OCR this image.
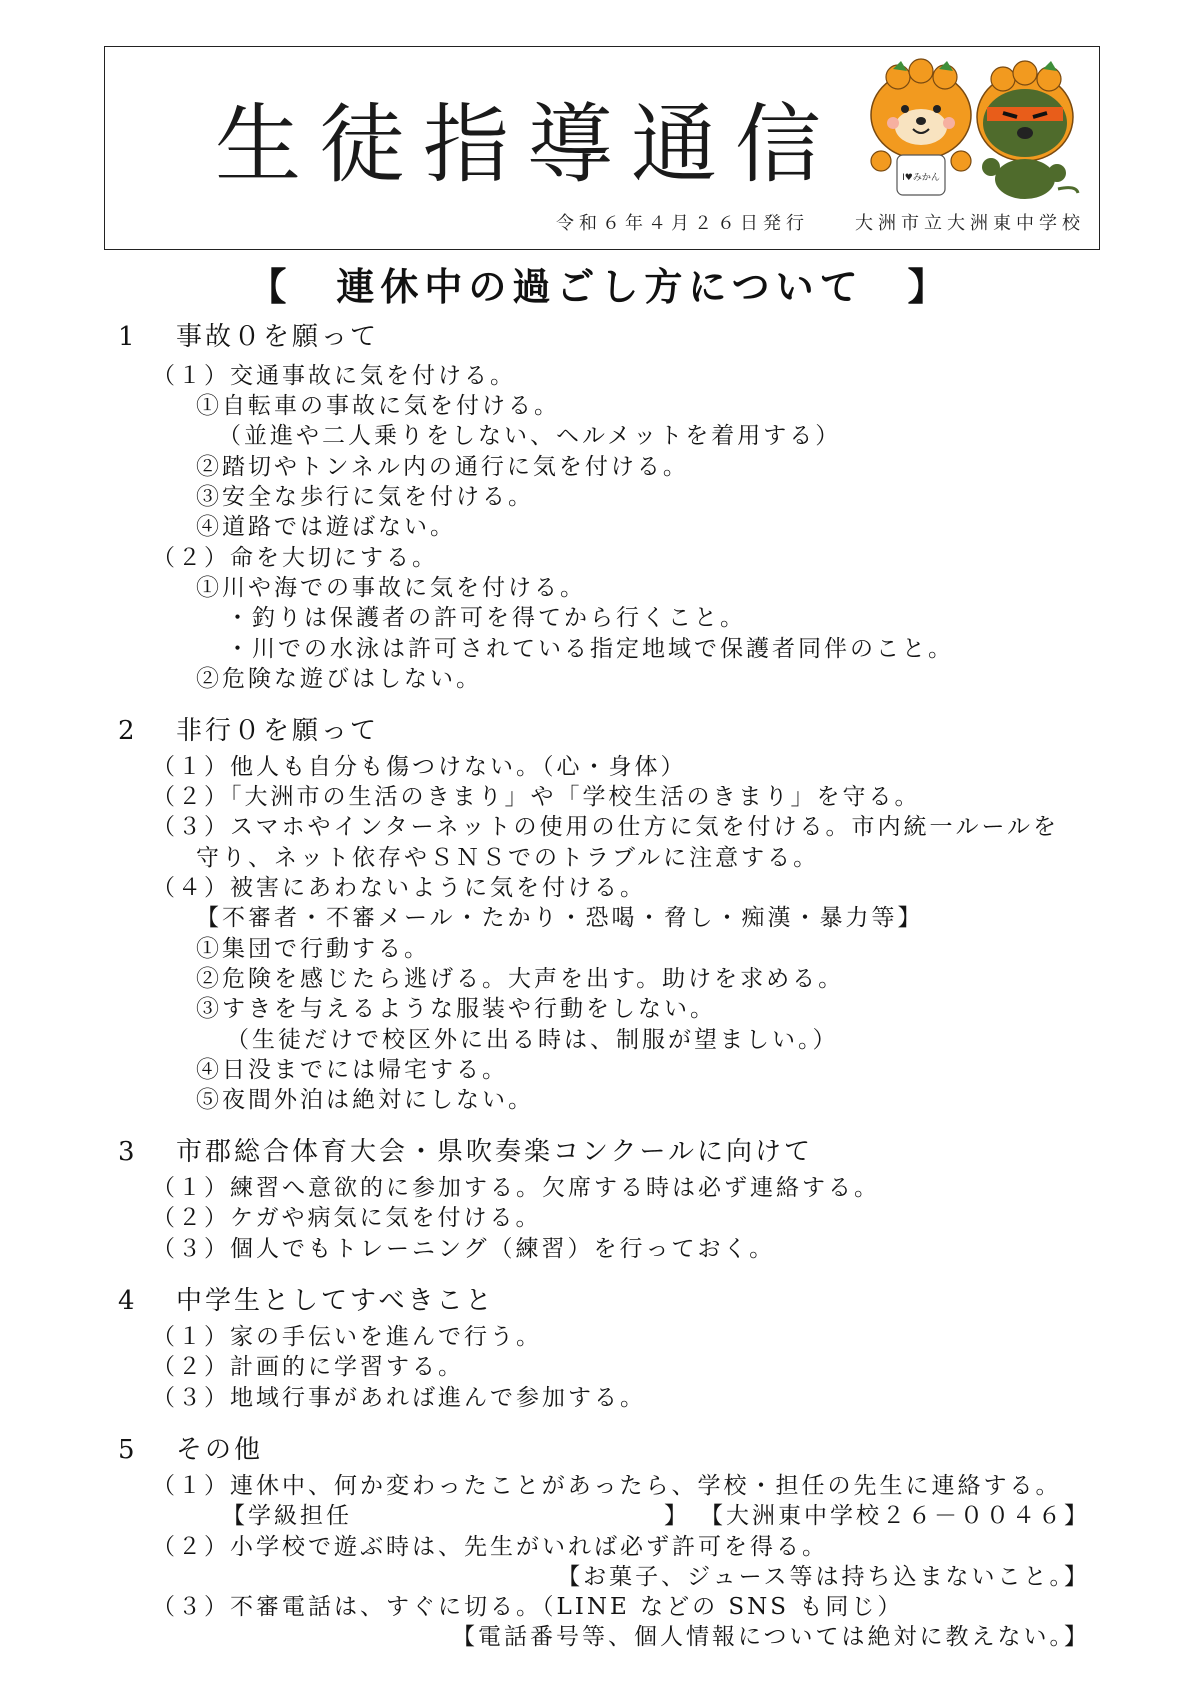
生徒指導通信	I♥みかん
令和６年４月２６日発行　　	大洲市立大洲東中学校
【　連休中の過ごし方について　】
1 事故０を願って
（１）交通事故に気を付ける。
①自転車の事故に気を付ける。
（並進や二人乗りをしない、ヘルメットを着用する）
②踏切やトンネル内の通行に気を付ける。
③安全な歩行に気を付ける。
④道路では遊ばない。
（２）命を大切にする。
①川や海での事故に気を付ける。
・釣りは保護者の許可を得てから行くこと。
・川での水泳は許可されている指定地域で保護者同伴のこと。
②危険な遊びはしない。
2 非行０を願って
（１）他人も自分も傷つけない。（心・身体）
（２）「大洲市の生活のきまり」や「学校生活のきまり」を守る。
（３）スマホやインターネットの使用の仕方に気を付ける。市内統一ルールを
守り、ネット依存やＳＮＳでのトラブルに注意する。
（４）被害にあわないように気を付ける。
【不審者・不審メール・たかり・恐喝・脅し・痴漢・暴力等】
①集団で行動する。
②危険を感じたら逃げる。大声を出す。助けを求める。
③すきを与えるような服装や行動をしない。
（生徒だけで校区外に出る時は、制服が望ましい。）
④日没までには帰宅する。
⑤夜間外泊は絶対にしない。
3 市郡総合体育大会・県吹奏楽コンクールに向けて
（１）練習へ意欲的に参加する。欠席する時は必ず連絡する。
（２）ケガや病気に気を付ける。
（３）個人でもトレーニング（練習）を行っておく。
4 中学生としてすべきこと
（１）家の手伝いを進んで行う。
（２）計画的に学習する。
（３）地域行事があれば進んで参加する。
5 その他
（１）連休中、何か変わったことがあったら、学校・担任の先生に連絡する。
【学級担任　　　　　　　　　　　　】 【大洲東中学校２６－００４６】
（２）小学校で遊ぶ時は、先生がいれば必ず許可を得る。
【お菓子、ジュース等は持ち込まないこと。】
（３）不審電話は、すぐに切る。（LINE などの SNS も同じ）
【電話番号等、個人情報については絶対に教えない。】
